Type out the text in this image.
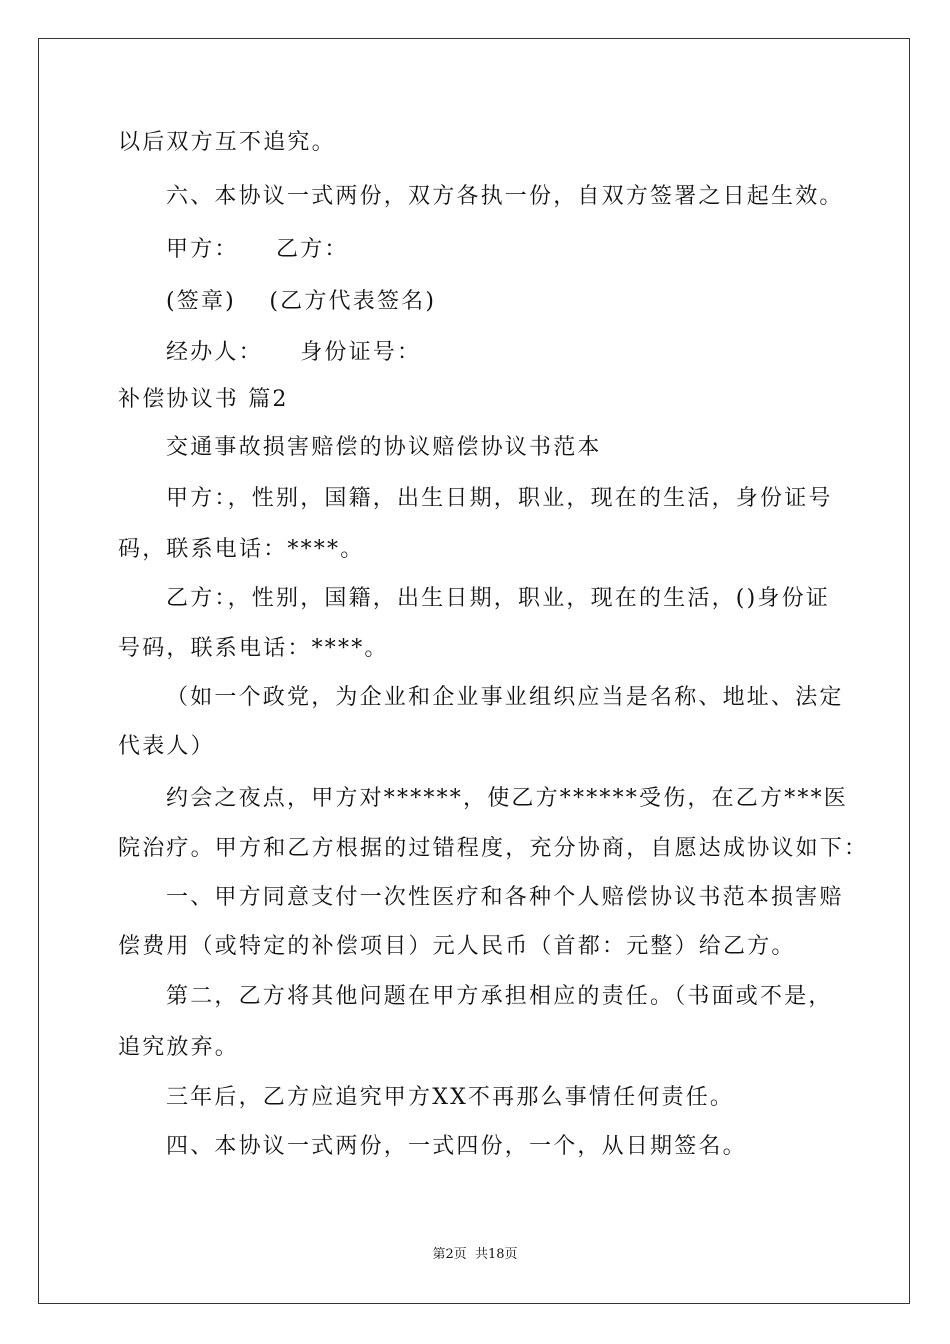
以后双方互不追究。
六、本协议一式两份，双方各执一份，自双方签署之日起生效。
甲方：　　乙方：
(签章)　 (乙方代表签名)
经办人：　　身份证号：
补偿协议书 篇2
交通事故损害赔偿的协议赔偿协议书范本
甲方：，性别，国籍，出生日期，职业，现在的生活，身份证号
码，联系电话：****。
乙方：，性别，国籍，出生日期，职业，现在的生活，()身份证
号码，联系电话：****。
（如一个政党，为企业和企业事业组织应当是名称、地址、法定
代表人）
约会之夜点，甲方对******，使乙方******受伤，在乙方***医
院治疗。甲方和乙方根据的过错程度，充分协商，自愿达成协议如下：
一、甲方同意支付一次性医疗和各种个人赔偿协议书范本损害赔
偿费用（或特定的补偿项目）元人民币（首都：元整）给乙方。
第二，乙方将其他问题在甲方承担相应的责任。（书面或不是，
追究放弃。
三年后，乙方应追究甲方XX不再那么事情任何责任。
四、本协议一式两份，一式四份，一个，从日期签名。
第2页 共18页
